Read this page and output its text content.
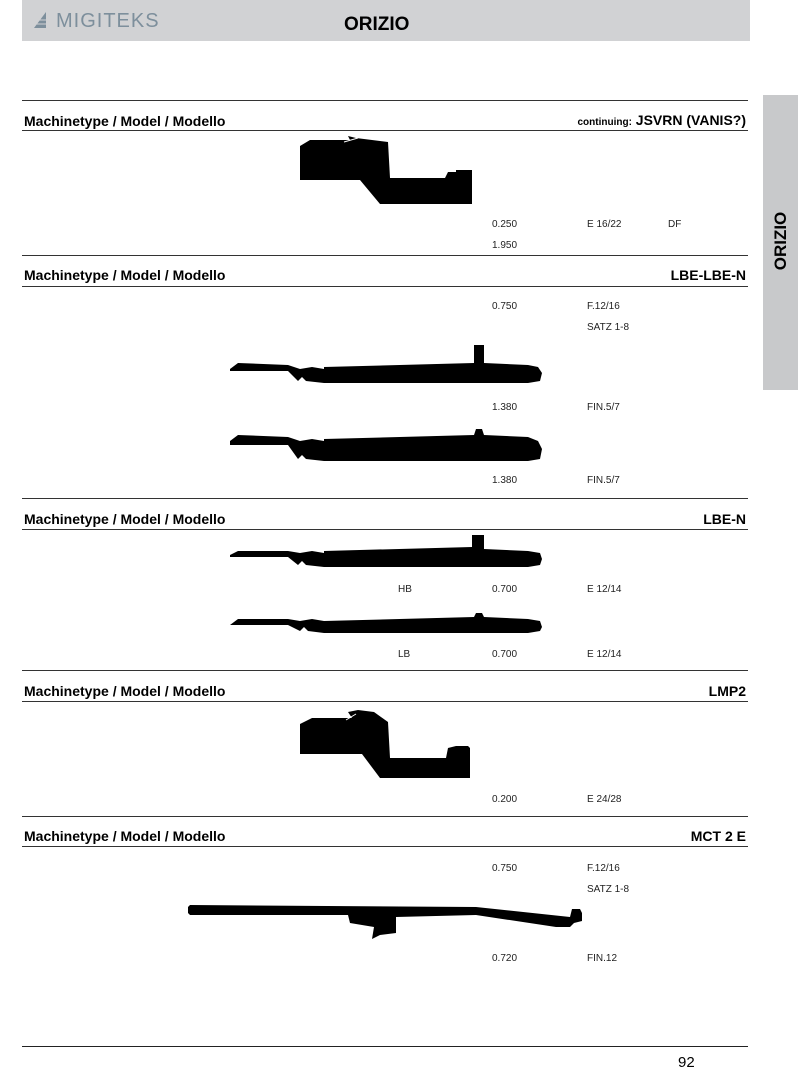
MIGITEKS	ORIZIO
ORIZIO
Machinetype / Model / Modello	continuing: JSVRN (VANIS?)
0.250	E 16/22	DF
1.950
Machinetype / Model / Modello	LBE-LBE-N
0.750	F.12/16
SATZ 1-8
1.380	FIN.5/7
1.380	FIN.5/7
Machinetype / Model / Modello	LBE-N
HB	0.700	E 12/14
LB	0.700	E 12/14
Machinetype / Model / Modello	LMP2
0.200	E 24/28
Machinetype / Model / Modello	MCT 2 E
0.750	F.12/16
SATZ 1-8
0.720	FIN.12
92
